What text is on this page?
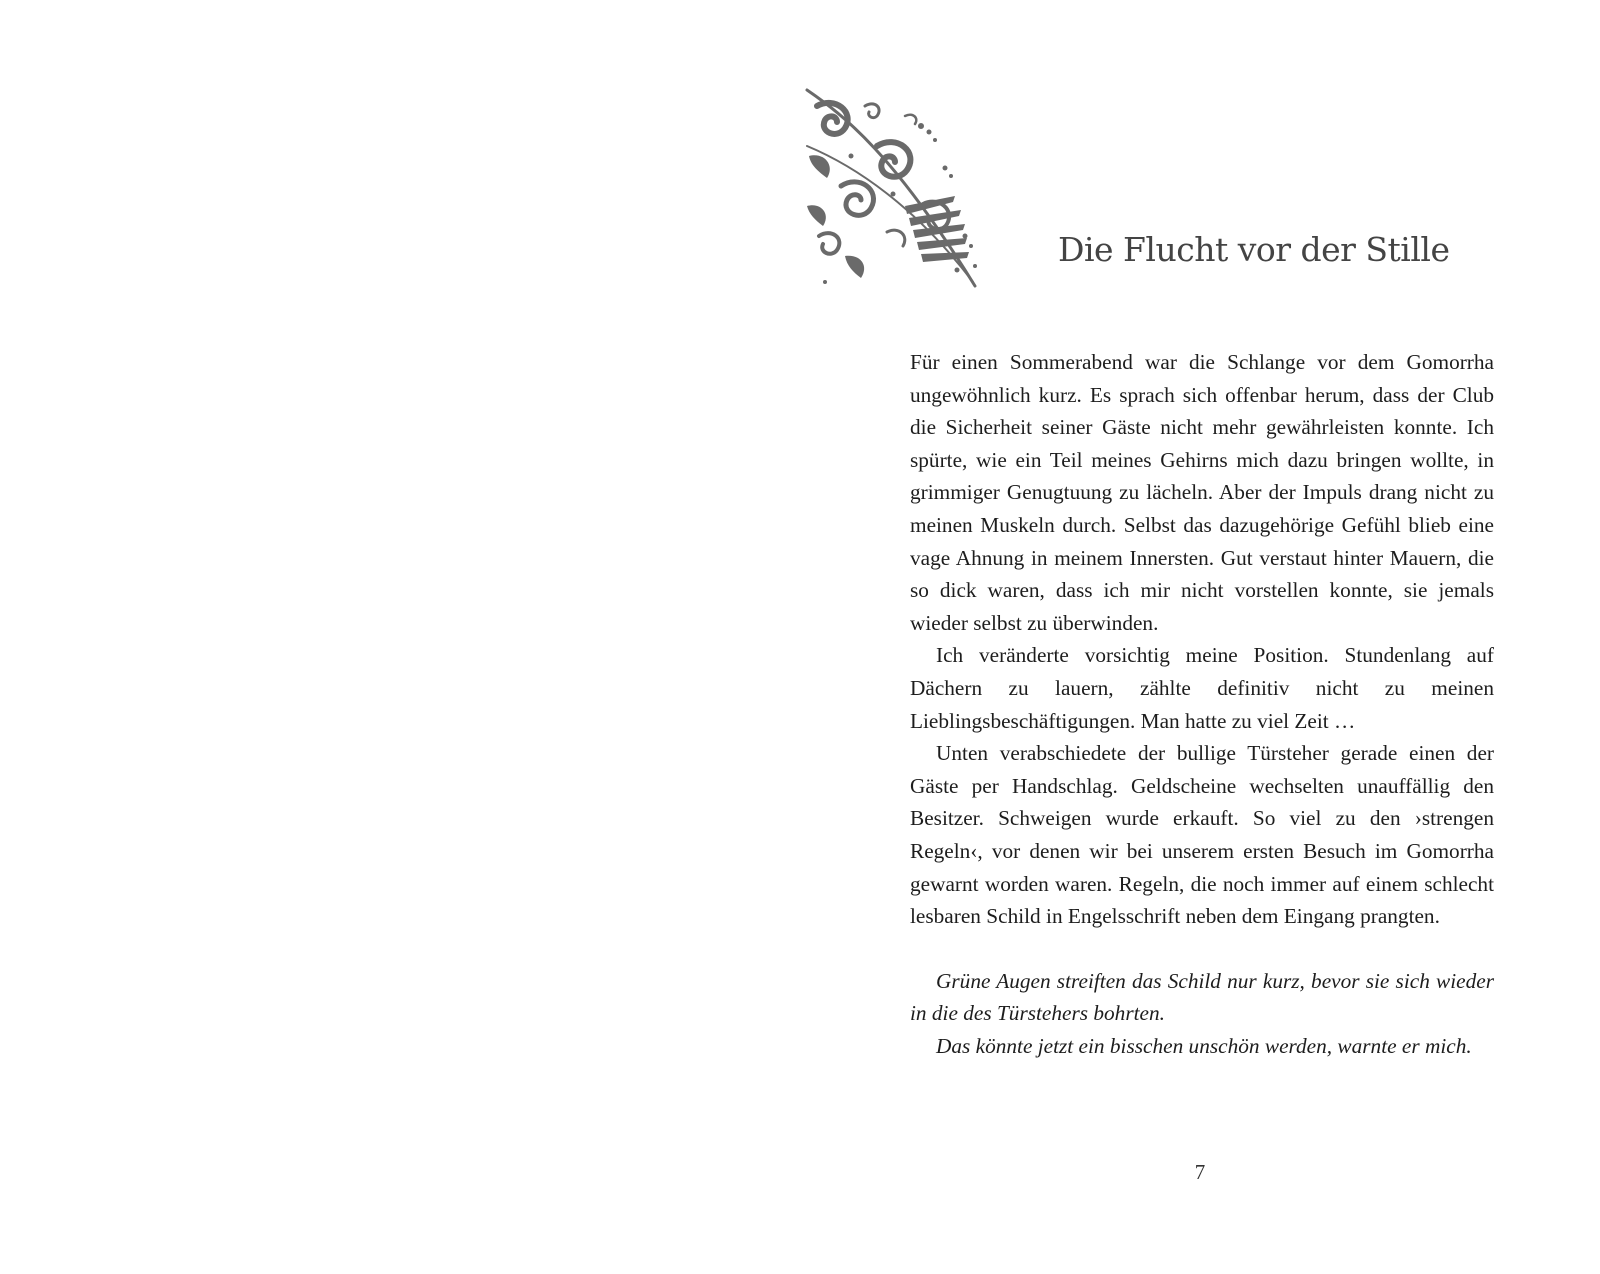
Die Flucht vor der Stille

Für einen Sommerabend war die Schlange vor dem Gomorrha ungewöhnlich kurz. Es sprach sich offenbar herum, dass der Club die Sicherheit seiner Gäste nicht mehr gewährleisten konnte. Ich spürte, wie ein Teil meines Gehirns mich dazu bringen wollte, in grimmiger Genugtuung zu lächeln. Aber der Impuls drang nicht zu meinen Muskeln durch. Selbst das dazugehörige Gefühl blieb eine vage Ahnung in meinem Innersten. Gut verstaut hinter Mauern, die so dick waren, dass ich mir nicht vorstellen konnte, sie jemals wieder selbst zu überwinden.

Ich veränderte vorsichtig meine Position. Stundenlang auf Dächern zu lauern, zählte definitiv nicht zu meinen Lieblingsbeschäftigungen. Man hatte zu viel Zeit …

Unten verabschiedete der bullige Türsteher gerade einen der Gäste per Handschlag. Geldscheine wechselten unauffällig den Besitzer. Schweigen wurde erkauft. So viel zu den ›strengen Regeln‹, vor denen wir bei unserem ersten Besuch im Gomorrha gewarnt worden waren. Regeln, die noch immer auf einem schlecht lesbaren Schild in Engelsschrift neben dem Eingang prangten.

Grüne Augen streiften das Schild nur kurz, bevor sie sich wieder in die des Türstehers bohrten.

Das könnte jetzt ein bisschen unschön werden, warnte er mich.

7
